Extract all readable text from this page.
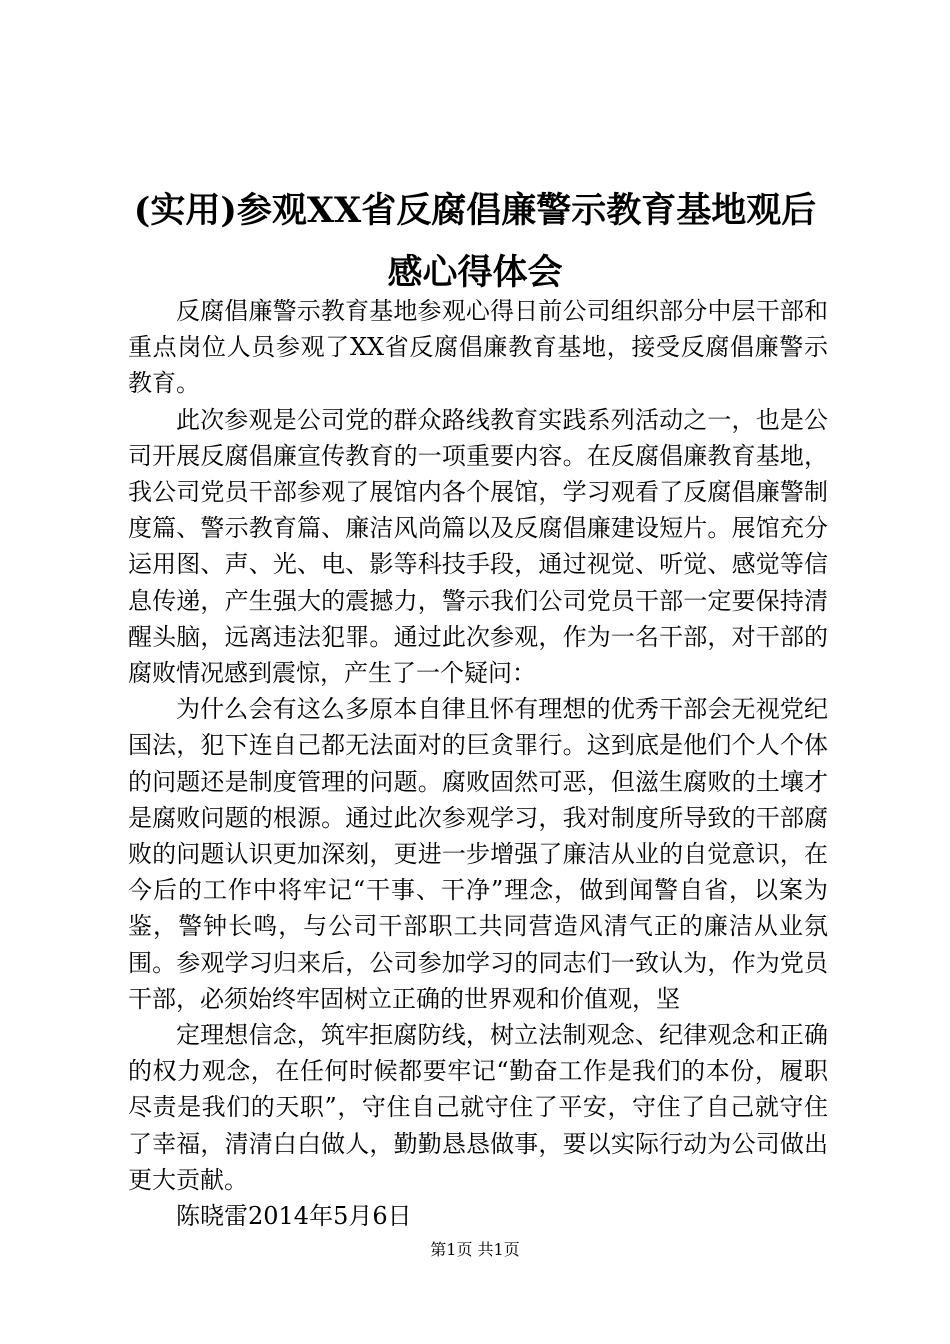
(实用)参观XX省反腐倡廉警示教育基地观后
感心得体会

反腐倡廉警示教育基地参观心得日前公司组织部分中层干部和重点岗位人员参观了XX省反腐倡廉教育基地，接受反腐倡廉警示教育。

此次参观是公司党的群众路线教育实践系列活动之一，也是公司开展反腐倡廉宣传教育的一项重要内容。在反腐倡廉教育基地，我公司党员干部参观了展馆内各个展馆，学习观看了反腐倡廉警制度篇、警示教育篇、廉洁风尚篇以及反腐倡廉建设短片。展馆充分运用图、声、光、电、影等科技手段，通过视觉、听觉、感觉等信息传递，产生强大的震撼力，警示我们公司党员干部一定要保持清醒头脑，远离违法犯罪。通过此次参观，作为一名干部，对干部的腐败情况感到震惊，产生了一个疑问：

为什么会有这么多原本自律且怀有理想的优秀干部会无视党纪国法，犯下连自己都无法面对的巨贪罪行。这到底是他们个人个体的问题还是制度管理的问题。腐败固然可恶，但滋生腐败的土壤才是腐败问题的根源。通过此次参观学习，我对制度所导致的干部腐败的问题认识更加深刻，更进一步增强了廉洁从业的自觉意识，在今后的工作中将牢记“干事、干净”理念，做到闻警自省，以案为鉴，警钟长鸣，与公司干部职工共同营造风清气正的廉洁从业氛围。参观学习归来后，公司参加学习的同志们一致认为，作为党员干部，必须始终牢固树立正确的世界观和价值观，坚

定理想信念，筑牢拒腐防线，树立法制观念、纪律观念和正确的权力观念，在任何时候都要牢记“勤奋工作是我们的本份，履职尽责是我们的天职”，守住自己就守住了平安，守住了自己就守住了幸福，清清白白做人，勤勤恳恳做事，要以实际行动为公司做出更大贡献。

陈晓雷2014年5月6日

第1页 共1页
